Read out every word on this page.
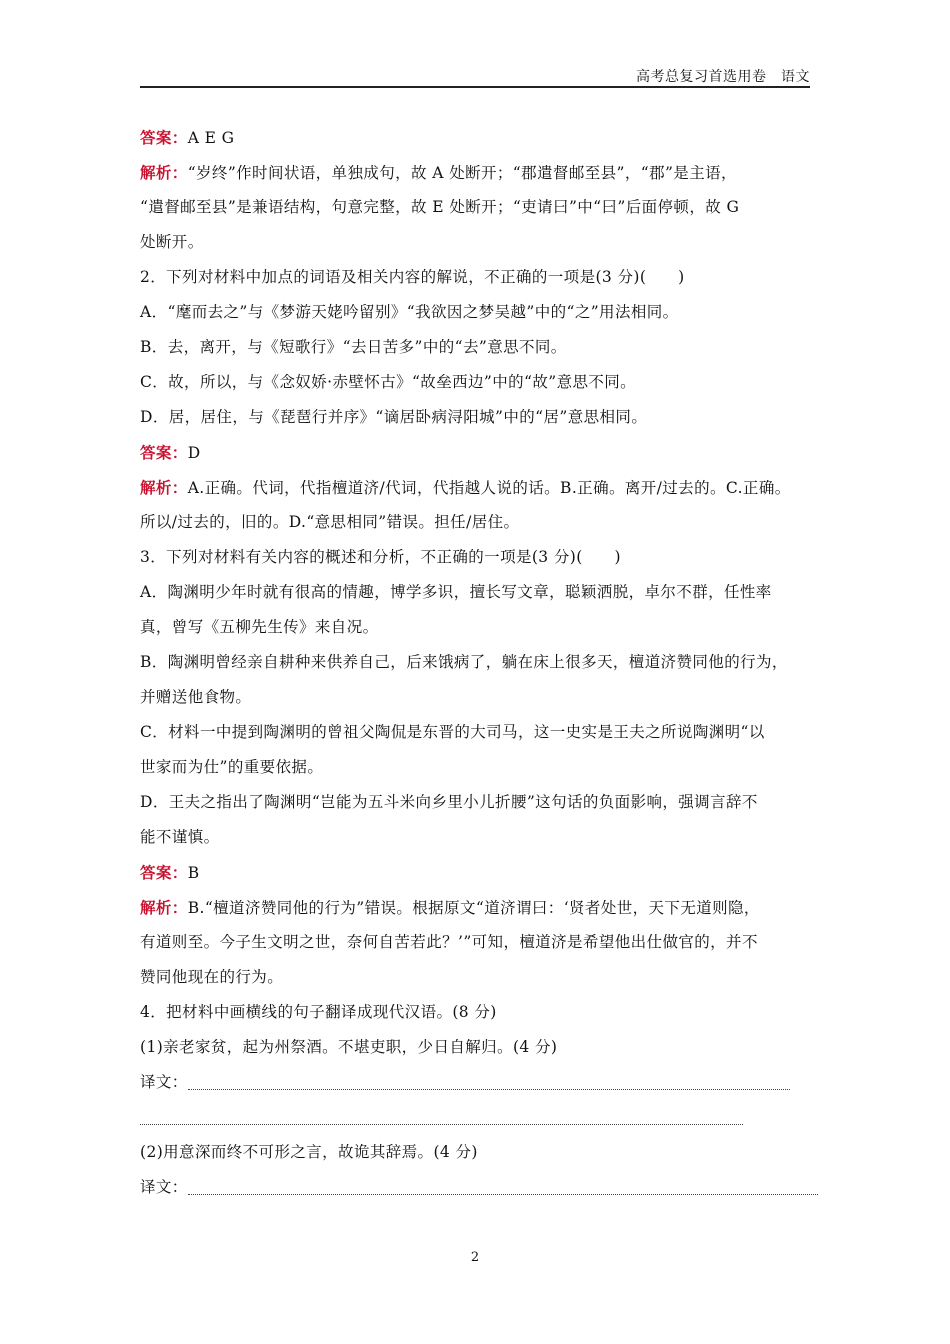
高考总复习首选用卷　语文
答案：A E G
解析：“岁终”作时间状语，单独成句，故 A 处断开；“郡遣督邮至县”，“郡”是主语，
“遣督邮至县”是兼语结构，句意完整，故 E 处断开；“吏请曰”中“曰”后面停顿，故 G
处断开。
2．下列对材料中加点的词语及相关内容的解说，不正确的一项是(3 分)(　　)
A．“麾而去之”与《梦游天姥吟留别》“我欲因之梦吴越”中的“之”用法相同。
B．去，离开，与《短歌行》“去日苦多”中的“去”意思不同。
C．故，所以，与《念奴娇·赤壁怀古》“故垒西边”中的“故”意思不同。
D．居，居住，与《琵琶行并序》“谪居卧病浔阳城”中的“居”意思相同。
答案：D
解析：A.正确。代词，代指檀道济/代词，代指越人说的话。B.正确。离开/过去的。C.正确。
所以/过去的，旧的。D.“意思相同”错误。担任/居住。
3．下列对材料有关内容的概述和分析，不正确的一项是(3 分)(　　)
A．陶渊明少年时就有很高的情趣，博学多识，擅长写文章，聪颖洒脱，卓尔不群，任性率
真，曾写《五柳先生传》来自况。
B．陶渊明曾经亲自耕种来供养自己，后来饿病了，躺在床上很多天，檀道济赞同他的行为，
并赠送他食物。
C．材料一中提到陶渊明的曾祖父陶侃是东晋的大司马，这一史实是王夫之所说陶渊明“以
世家而为仕”的重要依据。
D．王夫之指出了陶渊明“岂能为五斗米向乡里小儿折腰”这句话的负面影响，强调言辞不
能不谨慎。
答案：B
解析：B.“檀道济赞同他的行为”错误。根据原文“道济谓曰：‘贤者处世，天下无道则隐，
有道则至。今子生文明之世，奈何自苦若此？’”可知，檀道济是希望他出仕做官的，并不
赞同他现在的行为。
4．把材料中画横线的句子翻译成现代汉语。(8 分)
(1)亲老家贫，起为州祭酒。不堪吏职，少日自解归。(4 分)
译文：
(2)用意深而终不可形之言，故诡其辞焉。(4 分)
译文：
2
